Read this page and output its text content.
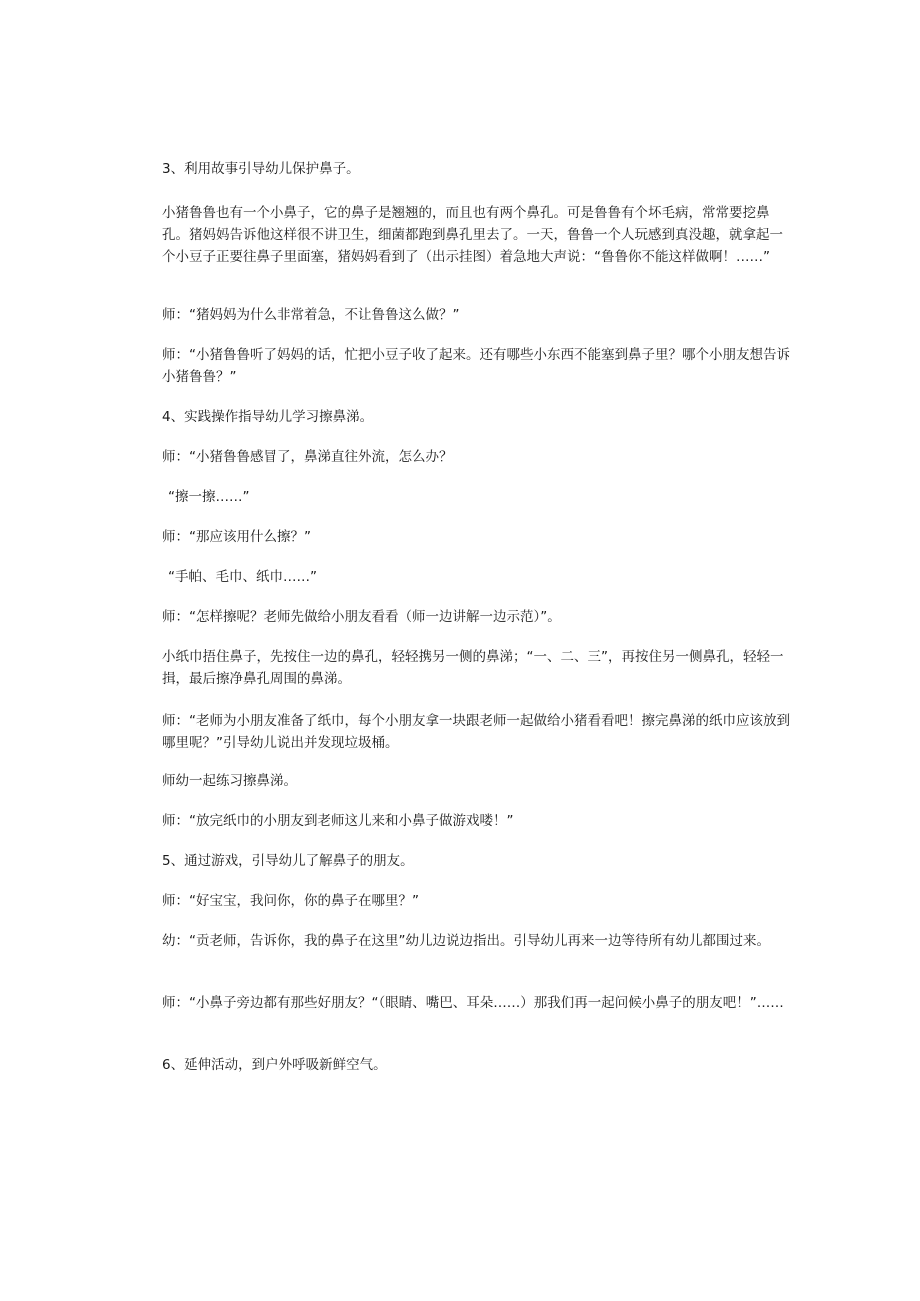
3、利用故事引导幼儿保护鼻子。

小猪鲁鲁也有一个小鼻子，它的鼻子是翘翘的，而且也有两个鼻孔。可是鲁鲁有个坏毛病，常常要挖鼻孔。猪妈妈告诉他这样很不讲卫生，细菌都跑到鼻孔里去了。一天，鲁鲁一个人玩感到真没趣，就拿起一个小豆子正要往鼻子里面塞，猪妈妈看到了（出示挂图）着急地大声说：“鲁鲁你不能这样做啊！……”

师：“猪妈妈为什么非常着急，不让鲁鲁这么做？”

师：“小猪鲁鲁听了妈妈的话，忙把小豆子收了起来。还有哪些小东西不能塞到鼻子里？哪个小朋友想告诉小猪鲁鲁？”

4、实践操作指导幼儿学习擦鼻涕。

师：“小猪鲁鲁感冒了，鼻涕直往外流，怎么办？

“擦一擦……”

师：“那应该用什么擦？”

“手帕、毛巾、纸巾……”

师：“怎样擦呢？老师先做给小朋友看看（师一边讲解一边示范）”。

小纸巾捂住鼻子，先按住一边的鼻孔，轻轻携另一侧的鼻涕；“一、二、三”，再按住另一侧鼻孔，轻轻一揖，最后擦净鼻孔周围的鼻涕。

师：“老师为小朋友准备了纸巾，每个小朋友拿一块跟老师一起做给小猪看看吧！擦完鼻涕的纸巾应该放到哪里呢？”引导幼儿说出并发现垃圾桶。

师幼一起练习擦鼻涕。

师：“放完纸巾的小朋友到老师这儿来和小鼻子做游戏喽！”

5、通过游戏，引导幼儿了解鼻子的朋友。

师：“好宝宝，我问你，你的鼻子在哪里？”

幼：“贡老师，告诉你，我的鼻子在这里”幼儿边说边指出。引导幼儿再来一边等待所有幼儿都围过来。

师：“小鼻子旁边都有那些好朋友？“（眼睛、嘴巴、耳朵……）那我们再一起问候小鼻子的朋友吧！”……

6、延伸活动，到户外呼吸新鲜空气。
